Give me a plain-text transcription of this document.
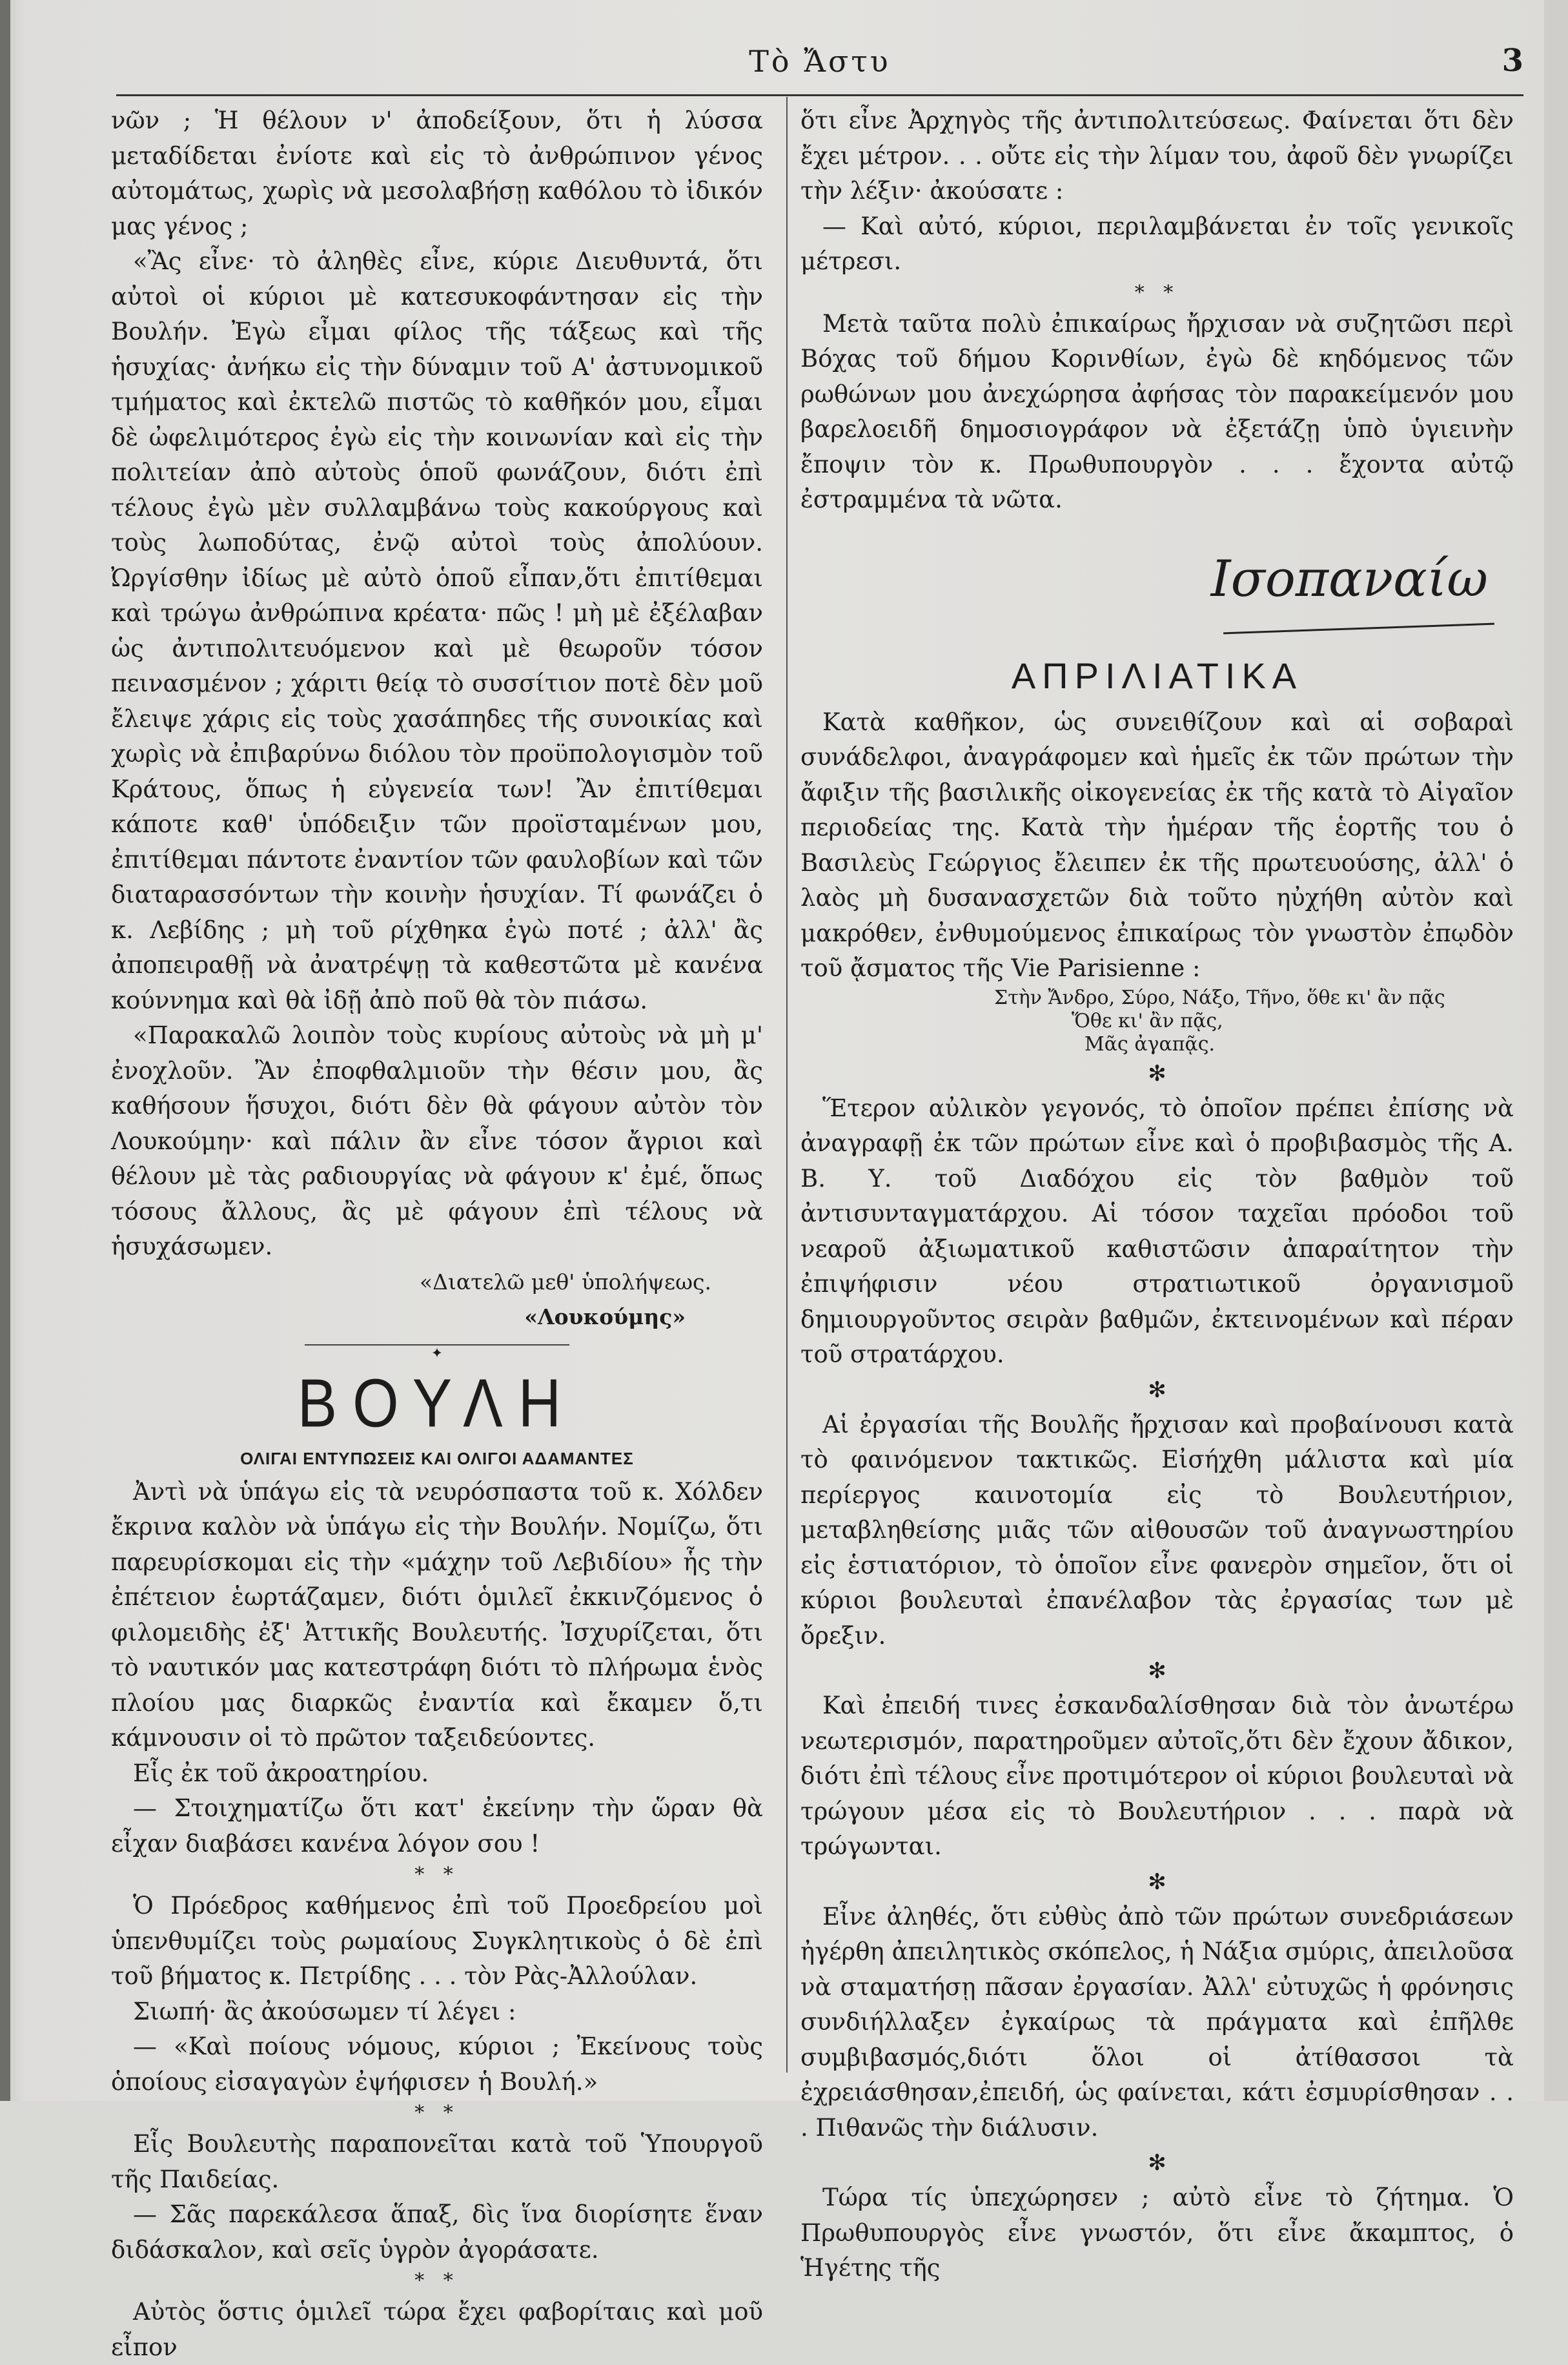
Τὸ Ἄστυ	3

νῶν ; Ἡ θέλουν ν' ἀποδείξουν, ὅτι ἡ λύσσα μεταδίδεται ἐνίοτε καὶ εἰς τὸ ἀνθρώπινον γένος αὐτομάτως, χωρὶς νὰ μεσολαβήσῃ καθόλου τὸ ἰδικόν μας γένος ;

«Ἂς εἶνε· τὸ ἀληθὲς εἶνε, κύριε Διευθυντά, ὅτι αὐτοὶ οἱ κύριοι μὲ κατεσυκοφάντησαν εἰς τὴν Βουλήν. Ἐγὼ εἶμαι φίλος τῆς τάξεως καὶ τῆς ἡσυχίας· ἀνήκω εἰς τὴν δύναμιν τοῦ Α' ἀστυνομικοῦ τμήματος καὶ ἐκτελῶ πιστῶς τὸ καθῆκόν μου, εἶμαι δὲ ὠφελιμότερος ἐγὼ εἰς τὴν κοινωνίαν καὶ εἰς τὴν πολιτείαν ἀπὸ αὐτοὺς ὁποῦ φωνάζουν, διότι ἐπὶ τέλους ἐγὼ μὲν συλλαμβάνω τοὺς κακούργους καὶ τοὺς λωποδύτας, ἐνῷ αὐτοὶ τοὺς ἀπολύουν. Ὠργίσθην ἰδίως μὲ αὐτὸ ὁποῦ εἶπαν,ὅτι ἐπιτίθεμαι καὶ τρώγω ἀνθρώπινα κρέατα· πῶς ! μὴ μὲ ἐξέλαβαν ὡς ἀντιπολιτευόμενον καὶ μὲ θεωροῦν τόσον πεινασμένον ; χάριτι θείᾳ τὸ συσσίτιον ποτὲ δὲν μοῦ ἔλειψε χάρις εἰς τοὺς χασάπηδες τῆς συνοικίας καὶ χωρὶς νὰ ἐπιβαρύνω διόλου τὸν προϋπολογισμὸν τοῦ Κράτους, ὅπως ἡ εὐγενεία των! Ἂν ἐπιτίθεμαι κάποτε καθ' ὑπόδειξιν τῶν προϊσταμένων μου, ἐπιτίθεμαι πάντοτε ἐναντίον τῶν φαυλοβίων καὶ τῶν διαταρασσόντων τὴν κοινὴν ἡσυχίαν. Τί φωνάζει ὁ κ. Λεβίδης ; μὴ τοῦ ρίχθηκα ἐγὼ ποτέ ; ἀλλ' ἂς ἀποπειραθῇ νὰ ἀνατρέψῃ τὰ καθεστῶτα μὲ κανένα κούννημα καὶ θὰ ἰδῇ ἀπὸ ποῦ θὰ τὸν πιάσω.

«Παρακαλῶ λοιπὸν τοὺς κυρίους αὐτοὺς νὰ μὴ μ' ἐνοχλοῦν. Ἂν ἐποφθαλμιοῦν τὴν θέσιν μου, ἂς καθήσουν ἥσυχοι, διότι δὲν θὰ φάγουν αὐτὸν τὸν Λουκούμην· καὶ πάλιν ἂν εἶνε τόσον ἄγριοι καὶ θέλουν μὲ τὰς ραδιουργίας νὰ φάγουν κ' ἐμέ, ὅπως τόσους ἄλλους, ἂς μὲ φάγουν ἐπὶ τέλους νὰ ἡσυχάσωμεν.

«Διατελῶ μεθ' ὑπολήψεως.
«Λουκούμης»
✦
ΒΟΥΛΗ
ΟΛΙΓΑΙ ΕΝΤΥΠΩΣΕΙΣ ΚΑΙ ΟΛΙΓΟΙ ΑΔΑΜΑΝΤΕΣ

Ἀντὶ νὰ ὑπάγω εἰς τὰ νευρόσπαστα τοῦ κ. Χόλδεν ἔκρινα καλὸν νὰ ὑπάγω εἰς τὴν Βουλήν. Νομίζω, ὅτι παρευρίσκομαι εἰς τὴν «μάχην τοῦ Λεβιδίου» ἧς τὴν ἐπέτειον ἑωρτάζαμεν, διότι ὁμιλεῖ ἐκκινζόμενος ὁ φιλομειδὴς ἐξ' Ἀττικῆς Βουλευτής. Ἰσχυρίζεται, ὅτι τὸ ναυτικόν μας κατεστράφη διότι τὸ πλήρωμα ἑνὸς πλοίου μας διαρκῶς ἐναντία καὶ ἔκαμεν ὅ,τι κάμνουσιν οἱ τὸ πρῶτον ταξειδεύοντες.

Εἷς ἐκ τοῦ ἀκροατηρίου.

— Στοιχηματίζω ὅτι κατ' ἐκείνην τὴν ὥραν θὰ εἶχαν διαβάσει κανένα λόγον σου !

* *

Ὁ Πρόεδρος καθήμενος ἐπὶ τοῦ Προεδρείου μοὶ ὑπενθυμίζει τοὺς ρωμαίους Συγκλητικοὺς ὁ δὲ ἐπὶ τοῦ βήματος κ. Πετρίδης . . . τὸν Ρὰς-Ἀλλούλαν.

Σιωπή· ἂς ἀκούσωμεν τί λέγει :

— «Καὶ ποίους νόμους, κύριοι ; Ἐκείνους τοὺς ὁποίους εἰσαγαγὼν ἐψήφισεν ἡ Βουλή.»

* *

Εἷς Βουλευτὴς παραπονεῖται κατὰ τοῦ Ὑπουργοῦ τῆς Παιδείας.

— Σᾶς παρεκάλεσα ἅπαξ, δὶς ἵνα διορίσητε ἕναν διδάσκαλον, καὶ σεῖς ὑγρὸν ἀγοράσατε.

* *

Αὐτὸς ὅστις ὁμιλεῖ τώρα ἔχει φαβορίταις καὶ μοῦ εἶπον

ὅτι εἶνε Ἀρχηγὸς τῆς ἀντιπολιτεύσεως. Φαίνεται ὅτι δὲν ἔχει μέτρον. . . οὔτε εἰς τὴν λίμαν του, ἀφοῦ δὲν γνωρίζει τὴν λέξιν· ἀκούσατε :

— Καὶ αὐτό, κύριοι, περιλαμβάνεται ἐν τοῖς γενικοῖς μέτρεσι.

* *

Μετὰ ταῦτα πολὺ ἐπικαίρως ἤρχισαν νὰ συζητῶσι περὶ Βόχας τοῦ δήμου Κορινθίων, ἐγὼ δὲ κηδόμενος τῶν ρωθώνων μου ἀνεχώρησα ἀφήσας τὸν παρακείμενόν μου βαρελοειδῆ δημοσιογράφον νὰ ἐξετάζῃ ὑπὸ ὑγιεινὴν ἔποψιν τὸν κ. Πρωθυπουργὸν . . . ἔχοντα αὐτῷ ἐστραμμένα τὰ νῶτα.

Ισοπαναίω
ΑΠΡΙΛΙΑΤΙΚΑ

Κατὰ καθῆκον, ὡς συνειθίζουν καὶ αἱ σοβαραὶ συνάδελφοι, ἀναγράφομεν καὶ ἡμεῖς ἐκ τῶν πρώτων τὴν ἄφιξιν τῆς βασιλικῆς οἰκογενείας ἐκ τῆς κατὰ τὸ Αἰγαῖον περιοδείας της. Κατὰ τὴν ἡμέραν τῆς ἑορτῆς του ὁ Βασιλεὺς Γεώργιος ἔλειπεν ἐκ τῆς πρωτευούσης, ἀλλ' ὁ λαὸς μὴ δυσανασχετῶν διὰ τοῦτο ηὐχήθη αὐτὸν καὶ μακρόθεν, ἐνθυμούμενος ἐπικαίρως τὸν γνωστὸν ἐπῳδὸν τοῦ ᾄσματος τῆς Vie Parisienne :

Στὴν Ἄνδρο, Σύρο, Νάξο, Τῆνο, ὅθε κι' ἂν πᾷς
Ὅθε κι' ἂν πᾷς,
Μᾶς ἀγαπᾷς.
✻

Ἕτερον αὐλικὸν γεγονός, τὸ ὁποῖον πρέπει ἐπίσης νὰ ἀναγραφῇ ἐκ τῶν πρώτων εἶνε καὶ ὁ προβιβασμὸς τῆς Α. Β. Υ. τοῦ Διαδόχου εἰς τὸν βαθμὸν τοῦ ἀντισυνταγματάρχου. Αἱ τόσον ταχεῖαι πρόοδοι τοῦ νεαροῦ ἀξιωματικοῦ καθιστῶσιν ἀπαραίτητον τὴν ἐπιψήφισιν νέου στρατιωτικοῦ ὀργανισμοῦ δημιουργοῦντος σειρὰν βαθμῶν, ἐκτεινομένων καὶ πέραν τοῦ στρατάρχου.

✻

Αἱ ἐργασίαι τῆς Βουλῆς ἤρχισαν καὶ προβαίνουσι κατὰ τὸ φαινόμενον τακτικῶς. Εἰσήχθη μάλιστα καὶ μία περίεργος καινοτομία εἰς τὸ Βουλευτήριον, μεταβληθείσης μιᾶς τῶν αἰθουσῶν τοῦ ἀναγνωστηρίου εἰς ἑστιατόριον, τὸ ὁποῖον εἶνε φανερὸν σημεῖον, ὅτι οἱ κύριοι βουλευταὶ ἐπανέλαβον τὰς ἐργασίας των μὲ ὄρεξιν.

✻

Καὶ ἐπειδή τινες ἐσκανδαλίσθησαν διὰ τὸν ἀνωτέρω νεωτερισμόν, παρατηροῦμεν αὐτοῖς,ὅτι δὲν ἔχουν ἄδικον, διότι ἐπὶ τέλους εἶνε προτιμότερον οἱ κύριοι βουλευταὶ νὰ τρώγουν μέσα εἰς τὸ Βουλευτήριον . . . παρὰ νὰ τρώγωνται.

✻

Εἶνε ἀληθές, ὅτι εὐθὺς ἀπὸ τῶν πρώτων συνεδριάσεων ἠγέρθη ἀπειλητικὸς σκόπελος, ἡ Νάξια σμύρις, ἀπειλοῦσα νὰ σταματήσῃ πᾶσαν ἐργασίαν. Ἀλλ' εὐτυχῶς ἡ φρόνησις συνδιήλλαξεν ἐγκαίρως τὰ πράγματα καὶ ἐπῆλθε συμβιβασμός,διότι ὅλοι οἱ ἀτίθασσοι τὰ ἐχρειάσθησαν,ἐπειδή, ὡς φαίνεται, κάτι ἐσμυρίσθησαν . . . Πιθανῶς τὴν διάλυσιν.

✻

Τώρα τίς ὑπεχώρησεν ; αὐτὸ εἶνε τὸ ζήτημα. Ὁ Πρωθυπουργὸς εἶνε γνωστόν, ὅτι εἶνε ἄκαμπτος, ὁ Ἡγέτης τῆς
